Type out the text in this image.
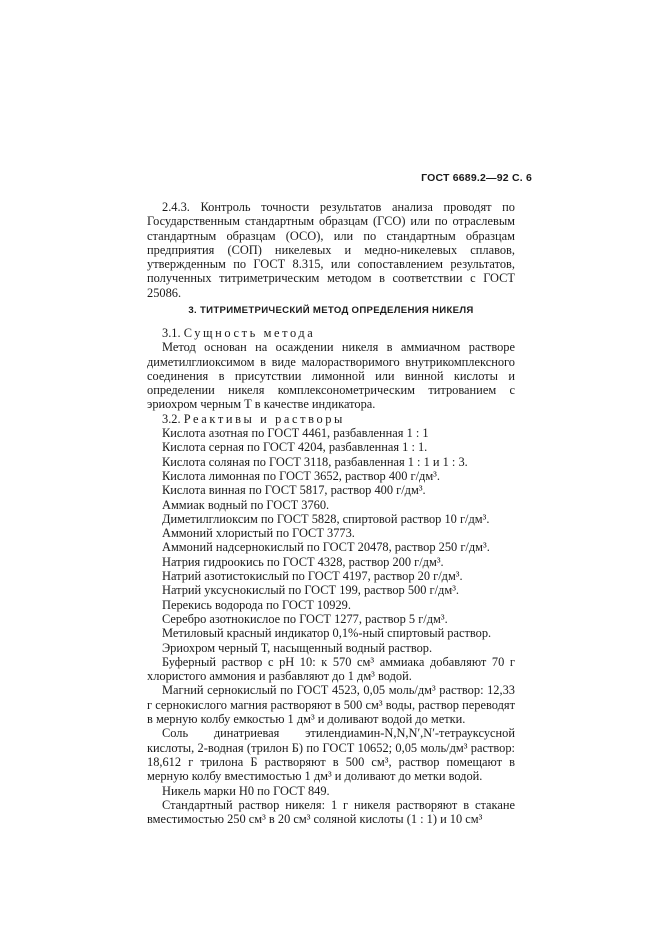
ГОСТ 6689.2—92 С. 6

2.4.3. Контроль точности результатов анализа проводят по Государственным стандартным образцам (ГСО) или по отраслевым стандартным образцам (ОСО), или по стандартным образцам предприятия (СОП) никелевых и медно-никелевых сплавов, утвержденным по ГОСТ 8.315, или сопоставлением результатов, полученных титриметрическим методом в соответствии с ГОСТ 25086.

3. ТИТРИМЕТРИЧЕСКИЙ МЕТОД ОПРЕДЕЛЕНИЯ НИКЕЛЯ

3.1. Сущность метода

Метод основан на осаждении никеля в аммиачном растворе диметилглиоксимом в виде малорастворимого внутрикомплексного соединения в присутствии лимонной или винной кислоты и определении никеля комплексонометрическим титрованием с эриохром черным Т в качестве индикатора.

3.2. Реактивы и растворы

Кислота азотная по ГОСТ 4461, разбавленная 1 : 1

Кислота серная по ГОСТ 4204, разбавленная 1 : 1.

Кислота соляная по ГОСТ 3118, разбавленная 1 : 1 и 1 : 3.

Кислота лимонная по ГОСТ 3652, раствор 400 г/дм³.

Кислота винная по ГОСТ 5817, раствор 400 г/дм³.

Аммиак водный по ГОСТ 3760.

Диметилглиоксим по ГОСТ 5828, спиртовой раствор 10 г/дм³.

Аммоний хлористый по ГОСТ 3773.

Аммоний надсернокислый по ГОСТ 20478, раствор 250 г/дм³.

Натрия гидроокись по ГОСТ 4328, раствор 200 г/дм³.

Натрий азотистокислый по ГОСТ 4197, раствор 20 г/дм³.

Натрий уксуснокислый по ГОСТ 199, раствор 500 г/дм³.

Перекись водорода по ГОСТ 10929.

Серебро азотнокислое по ГОСТ 1277, раствор 5 г/дм³.

Метиловый красный индикатор 0,1%-ный спиртовый раствор.

Эриохром черный Т, насыщенный водный раствор.

Буферный раствор с рН 10: к 570 см³ аммиака добавляют 70 г хлористого аммония и разбавляют до 1 дм³ водой.

Магний сернокислый по ГОСТ 4523, 0,05 моль/дм³ раствор: 12,33 г сернокислого магния растворяют в 500 см³ воды, раствор переводят в мерную колбу емкостью 1 дм³ и доливают водой до метки.

Соль динатриевая этилендиамин-N,N,N′,N′-тетрауксусной кислоты, 2-водная (трилон Б) по ГОСТ 10652; 0,05 моль/дм³ раствор: 18,612 г трилона Б растворяют в 500 см³, раствор помещают в мерную колбу вместимостью 1 дм³ и доливают до метки водой.

Никель марки Н0 по ГОСТ 849.

Стандартный раствор никеля: 1 г никеля растворяют в стакане вместимостью 250 см³ в 20 см³ соляной кислоты (1 : 1) и 10 см³
